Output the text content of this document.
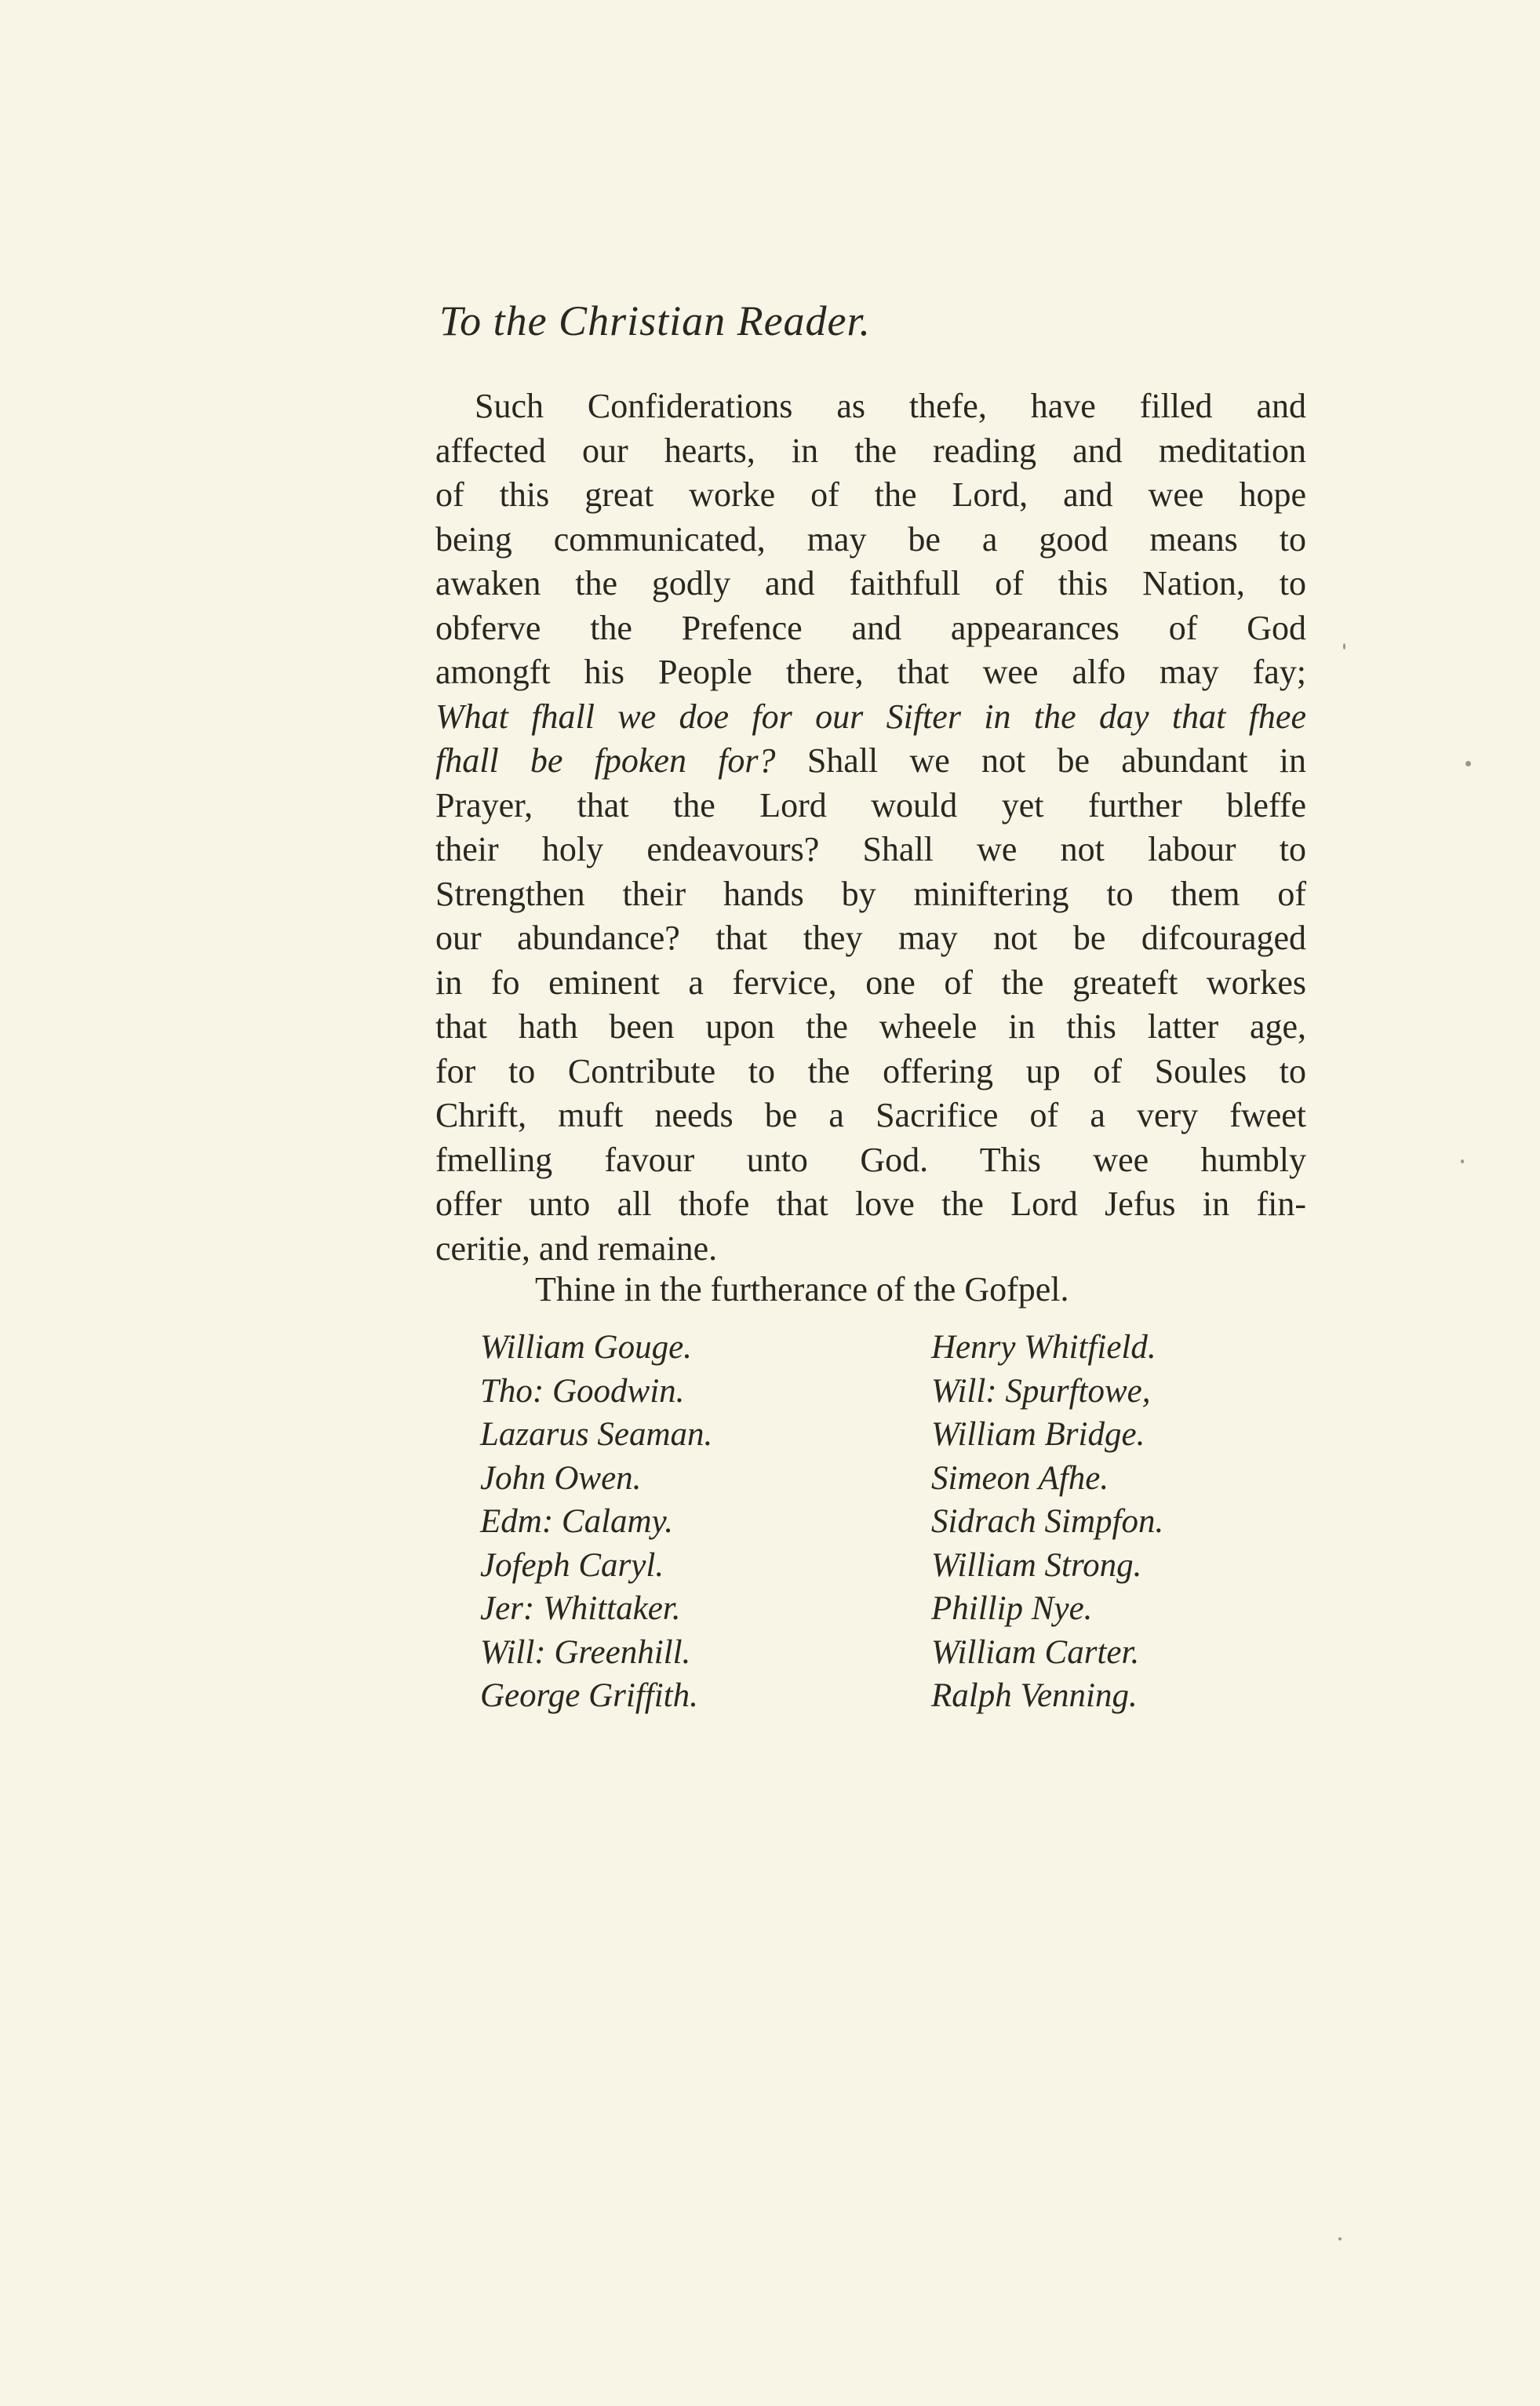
To the Christian Reader.
Such Confiderations as thefe, have filled and
affected our hearts, in the reading and meditation
of this great worke of the Lord, and wee hope
being communicated, may be a good means to
awaken the godly and faithfull of this Nation, to
obferve the Prefence and appearances of God
amongft his People there, that wee alfo may fay;
What fhall we doe for our Sifter in the day that fhee
fhall be fpoken for? Shall we not be abundant in
Prayer, that the Lord would yet further bleffe
their holy endeavours? Shall we not labour to
Strengthen their hands by miniftering to them of
our abundance? that they may not be difcouraged
in fo eminent a fervice, one of the greateft workes
that hath been upon the wheele in this latter age,
for to Contribute to the offering up of Soules to
Chrift, muft needs be a Sacrifice of a very fweet
fmelling favour unto God. This wee humbly
offer unto all thofe that love the Lord Jefus in fin-
ceritie, and remaine.
Thine in the furtherance of the Gofpel.
William Gouge.
Tho: Goodwin.
Lazarus Seaman.
John Owen.
Edm: Calamy.
Jofeph Caryl.
Jer: Whittaker.
Will: Greenhill.
George Griffith.
Henry Whitfield.
Will: Spurftowe,
William Bridge.
Simeon Afhe.
Sidrach Simpfon.
William Strong.
Phillip Nye.
William Carter.
Ralph Venning.
